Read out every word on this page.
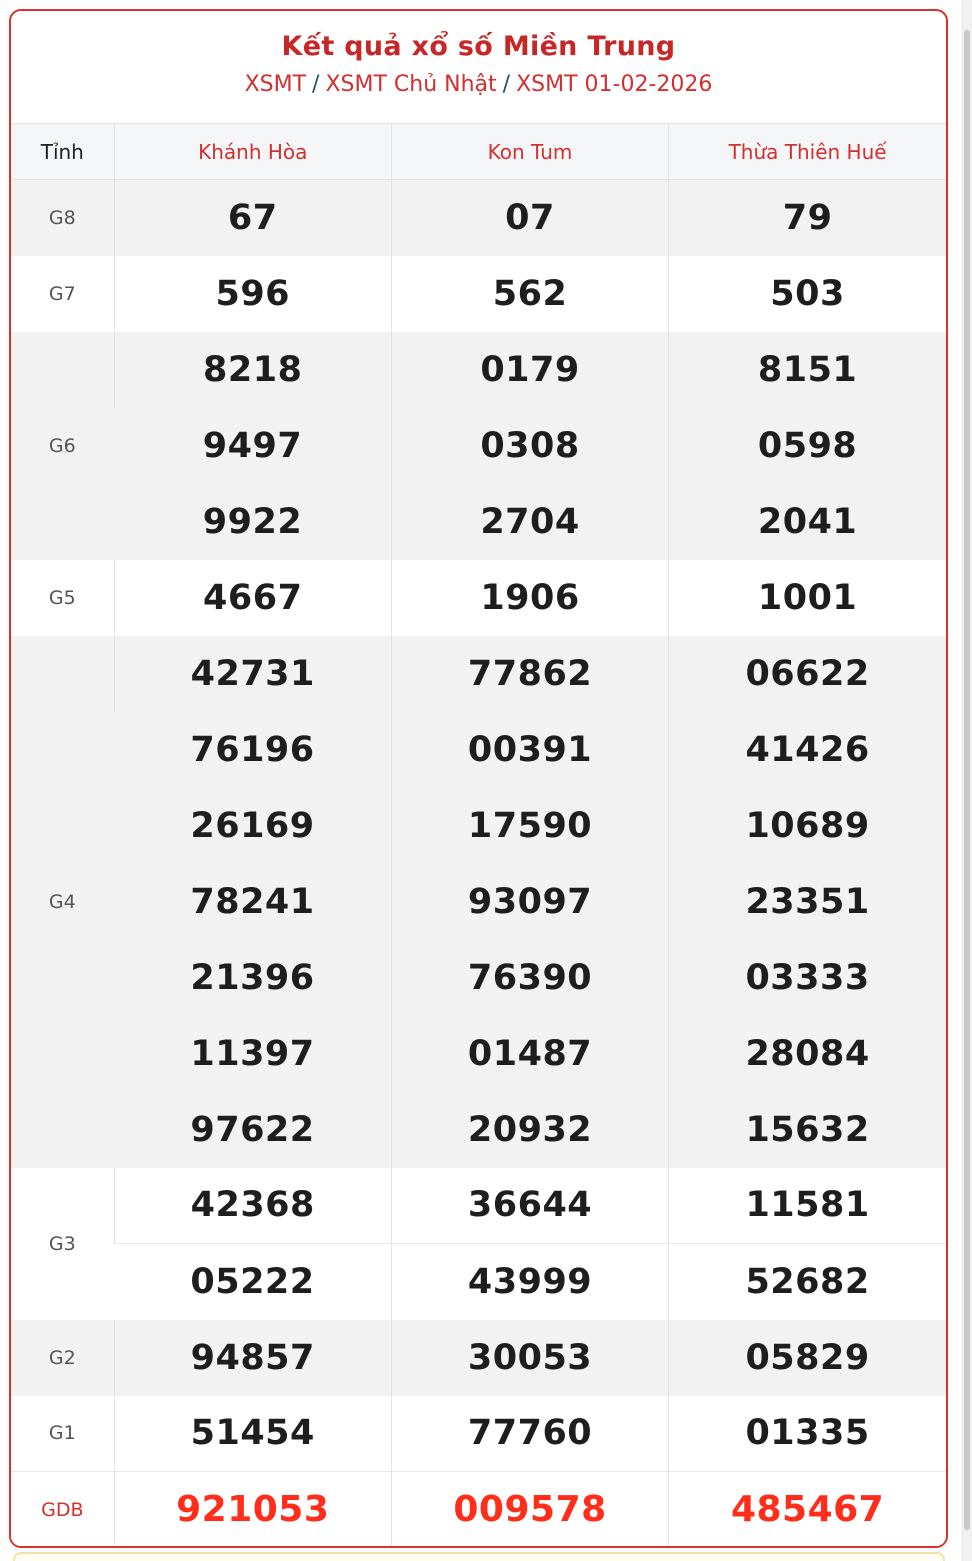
Kết quả xổ số Miền Trung
XSMT / XSMT Chủ Nhật / XSMT 01-02-2026
Tỉnh	Khánh Hòa	Kon Tum	Thừa Thiên Huế
G8	67	07	79
G7	596	562	503
G6	8218	0179	8151
	9497	0308	0598
	9922	2704	2041
G5	4667	1906	1001
G4	42731	77862	06622
	76196	00391	41426
	26169	17590	10689
	78241	93097	23351
	21396	76390	03333
	11397	01487	28084
	97622	20932	15632
G3	42368	36644	11581
	05222	43999	52682
G2	94857	30053	05829
G1	51454	77760	01335
GDB	921053	009578	485467
